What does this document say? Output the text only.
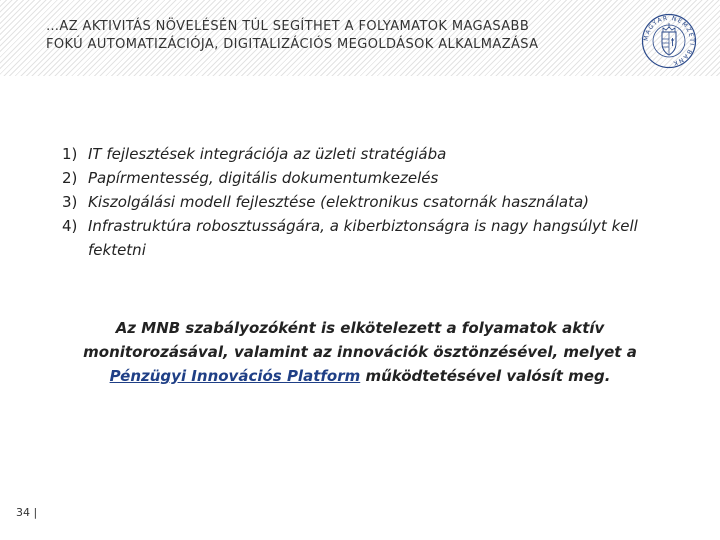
…AZ AKTIVITÁS NÖVELÉSÉN TÚL SEGÍTHET A FOLYAMATOK MAGASABB
FOKÚ AUTOMATIZÁCIÓJA, DIGITALIZÁCIÓS MEGOLDÁSOK ALKALMAZÁSA	MAGYAR NEMZETI BANK
1) IT fejlesztések integrációja az üzleti stratégiába
2) Papírmentesség, digitális dokumentumkezelés
3) Kiszolgálási modell fejlesztése (elektronikus csatornák használata)
4) Infrastruktúra robosztusságára, a kiberbiztonságra is nagy hangsúlyt kell fektetni
Az MNB szabályozóként is elkötelezett a folyamatok aktív
monitorozásával, valamint az innovációk ösztönzésével, melyet a
Pénzügyi Innovációs Platform működtetésével valósít meg.
34 |
